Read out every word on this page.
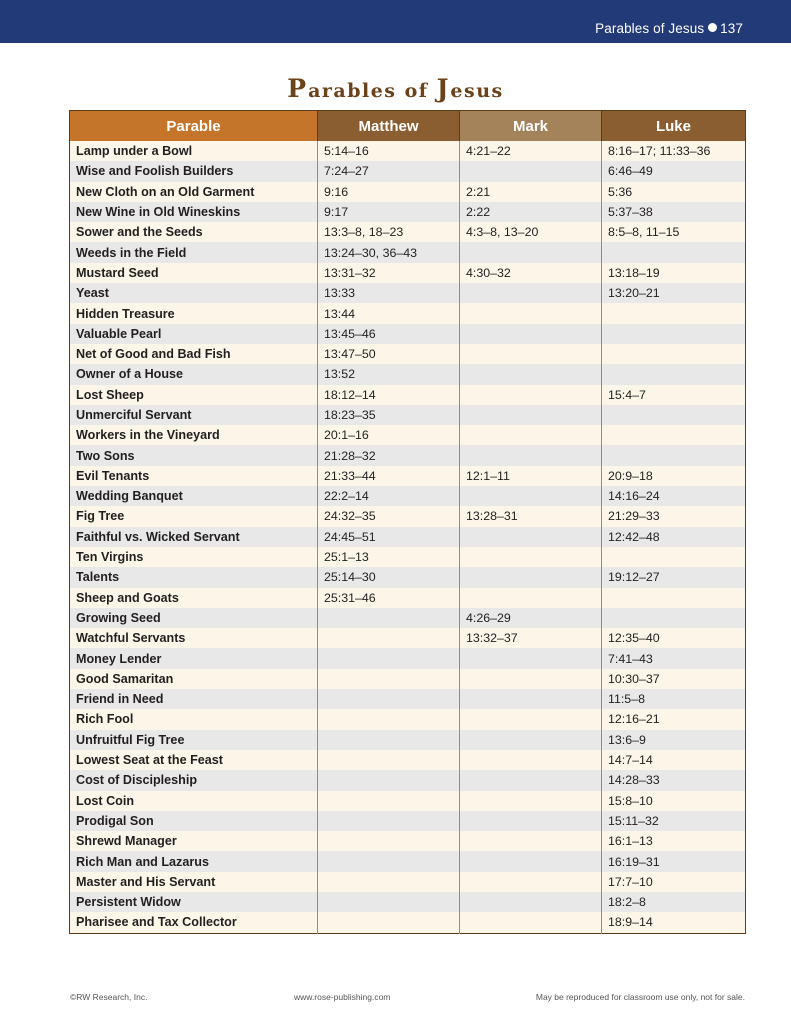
Parables of Jesus 137
Parables of Jesus
Parable	Matthew	Mark	Luke
Lamp under a Bowl	5:14–16	4:21–22	8:16–17; 11:33–36
Wise and Foolish Builders	7:24–27		6:46–49
New Cloth on an Old Garment	9:16	2:21	5:36
New Wine in Old Wineskins	9:17	2:22	5:37–38
Sower and the Seeds	13:3–8, 18–23	4:3–8, 13–20	8:5–8, 11–15
Weeds in the Field	13:24–30, 36–43		
Mustard Seed	13:31–32	4:30–32	13:18–19
Yeast	13:33		13:20–21
Hidden Treasure	13:44		
Valuable Pearl	13:45–46		
Net of Good and Bad Fish	13:47–50		
Owner of a House	13:52		
Lost Sheep	18:12–14		15:4–7
Unmerciful Servant	18:23–35		
Workers in the Vineyard	20:1–16		
Two Sons	21:28–32		
Evil Tenants	21:33–44	12:1–11	20:9–18
Wedding Banquet	22:2–14		14:16–24
Fig Tree	24:32–35	13:28–31	21:29–33
Faithful vs. Wicked Servant	24:45–51		12:42–48
Ten Virgins	25:1–13		
Talents	25:14–30		19:12–27
Sheep and Goats	25:31–46		
Growing Seed		4:26–29	
Watchful Servants		13:32–37	12:35–40
Money Lender			7:41–43
Good Samaritan			10:30–37
Friend in Need			11:5–8
Rich Fool			12:16–21
Unfruitful Fig Tree			13:6–9
Lowest Seat at the Feast			14:7–14
Cost of Discipleship			14:28–33
Lost Coin			15:8–10
Prodigal Son			15:11–32
Shrewd Manager			16:1–13
Rich Man and Lazarus			16:19–31
Master and His Servant			17:7–10
Persistent Widow			18:2–8
Pharisee and Tax Collector			18:9–14
©RW Research, Inc.	www.rose-publishing.com	May be reproduced for classroom use only, not for sale.
